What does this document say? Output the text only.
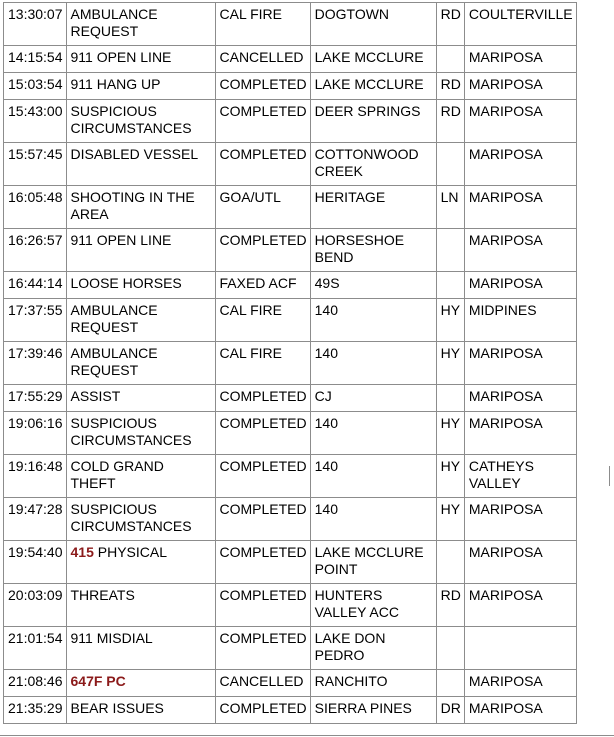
13:30:07	AMBULANCE REQUEST	CAL FIRE	DOGTOWN	RD	COULTERVILLE
14:15:54	911 OPEN LINE	CANCELLED	LAKE MCCLURE		MARIPOSA
15:03:54	911 HANG UP	COMPLETED	LAKE MCCLURE	RD	MARIPOSA
15:43:00	SUSPICIOUS CIRCUMSTANCES	COMPLETED	DEER SPRINGS	RD	MARIPOSA
15:57:45	DISABLED VESSEL	COMPLETED	COTTONWOOD CREEK		MARIPOSA
16:05:48	SHOOTING IN THE AREA	GOA/UTL	HERITAGE	LN	MARIPOSA
16:26:57	911 OPEN LINE	COMPLETED	HORSESHOE BEND		MARIPOSA
16:44:14	LOOSE HORSES	FAXED ACF	49S		MARIPOSA
17:37:55	AMBULANCE REQUEST	CAL FIRE	140	HY	MIDPINES
17:39:46	AMBULANCE REQUEST	CAL FIRE	140	HY	MARIPOSA
17:55:29	ASSIST	COMPLETED	CJ		MARIPOSA
19:06:16	SUSPICIOUS CIRCUMSTANCES	COMPLETED	140	HY	MARIPOSA
19:16:48	COLD GRAND THEFT	COMPLETED	140	HY	CATHEYS VALLEY
19:47:28	SUSPICIOUS CIRCUMSTANCES	COMPLETED	140	HY	MARIPOSA
19:54:40	415 PHYSICAL	COMPLETED	LAKE MCCLURE POINT		MARIPOSA
20:03:09	THREATS	COMPLETED	HUNTERS VALLEY ACC	RD	MARIPOSA
21:01:54	911 MISDIAL	COMPLETED	LAKE DON PEDRO		
21:08:46	647F PC	CANCELLED	RANCHITO		MARIPOSA
21:35:29	BEAR ISSUES	COMPLETED	SIERRA PINES	DR	MARIPOSA
